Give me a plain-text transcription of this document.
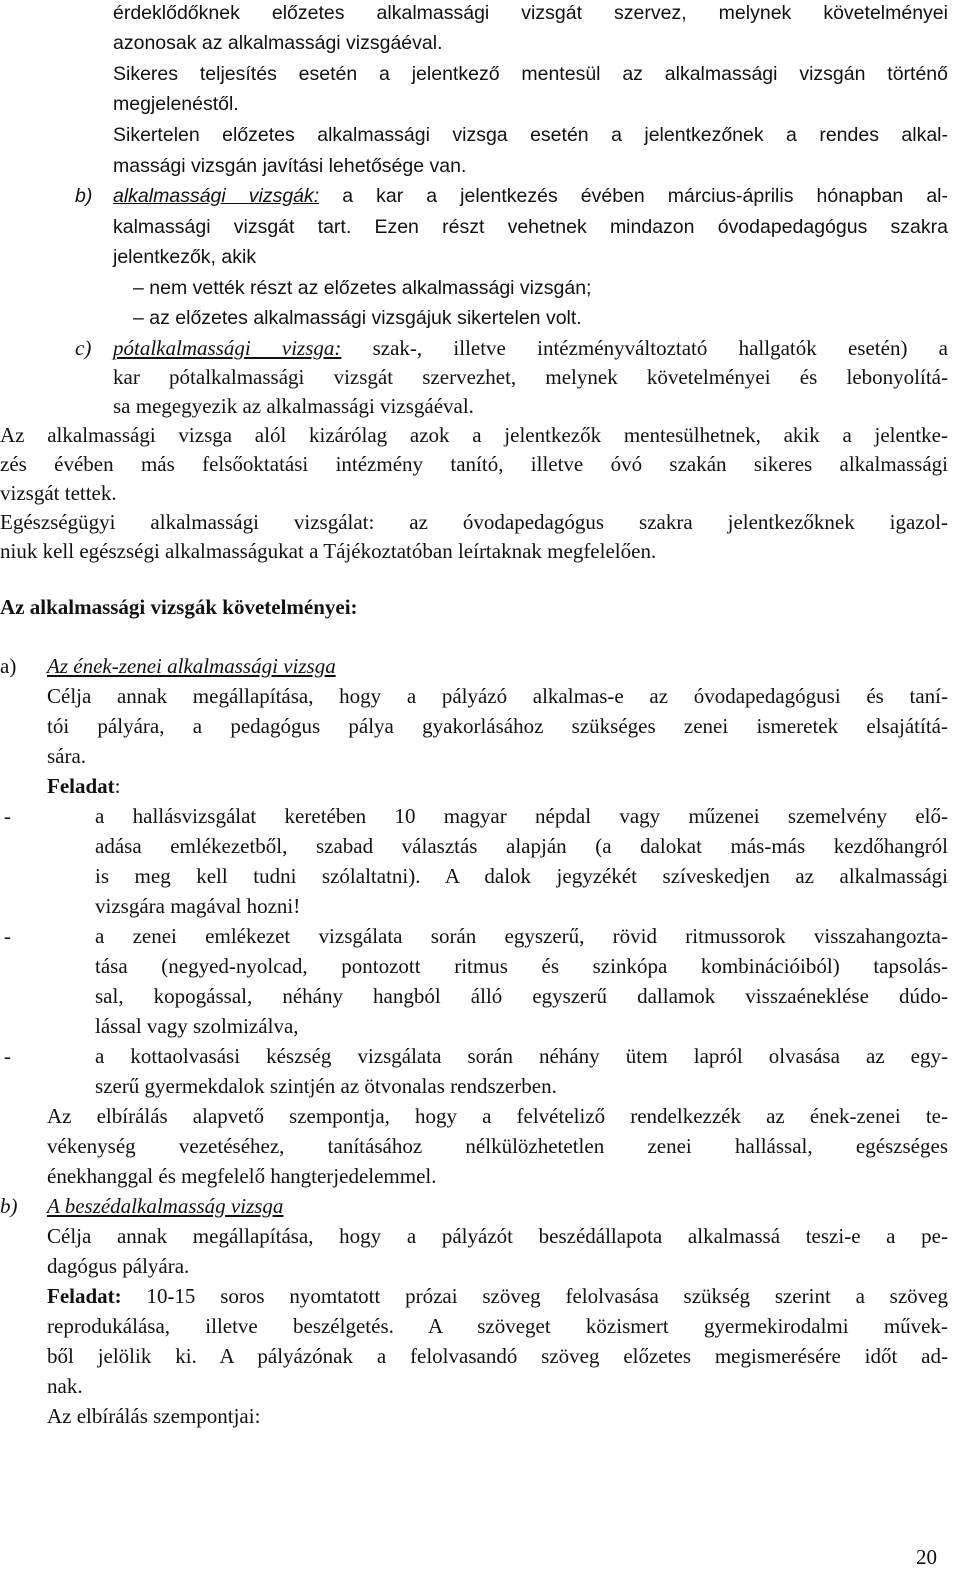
érdeklődőknek előzetes alkalmassági vizsgát szervez, melynek követelményei
azonosak az alkalmassági vizsgáéval.
Sikeres teljesítés esetén a jelentkező mentesül az alkalmassági vizsgán történő
megjelenéstől.
Sikertelen előzetes alkalmassági vizsga esetén a jelentkezőnek a rendes alkal-
massági vizsgán javítási lehetősége van.
b) alkalmassági vizsgák: a kar a jelentkezés évében március-április hónapban al-
kalmassági vizsgát tart. Ezen részt vehetnek mindazon óvodapedagógus szakra
jelentkezők, akik
– nem vették részt az előzetes alkalmassági vizsgán;
– az előzetes alkalmassági vizsgájuk sikertelen volt.
c) pótalkalmassági vizsga: szak-, illetve intézményváltoztató hallgatók esetén) a
kar pótalkalmassági vizsgát szervezhet, melynek követelményei és lebonyolítá-
sa megegyezik az alkalmassági vizsgáéval.
Az alkalmassági vizsga alól kizárólag azok a jelentkezők mentesülhetnek, akik a jelentke-
zés évében más felsőoktatási intézmény tanító, illetve óvó szakán sikeres alkalmassági
vizsgát tettek.
Egészségügyi alkalmassági vizsgálat: az óvodapedagógus szakra jelentkezőknek igazol-
niuk kell egészségi alkalmasságukat a Tájékoztatóban leírtaknak megfelelően.
Az alkalmassági vizsgák követelményei:
a) Az ének-zenei alkalmassági vizsga
Célja annak megállapítása, hogy a pályázó alkalmas-e az óvodapedagógusi és taní-
tói pályára, a pedagógus pálya gyakorlásához szükséges zenei ismeretek elsajátítá-
sára.
Feladat:
-	a hallásvizsgálat keretében 10 magyar népdal vagy műzenei szemelvény elő-
adása emlékezetből, szabad választás alapján (a dalokat más-más kezdőhangról
is meg kell tudni szólaltatni). A dalok jegyzékét szíveskedjen az alkalmassági
vizsgára magával hozni!
-	a zenei emlékezet vizsgálata során egyszerű, rövid ritmussorok visszahangozta-
tása (negyed-nyolcad, pontozott ritmus és szinkópa kombinációiból) tapsolás-
sal, kopogással, néhány hangból álló egyszerű dallamok visszaéneklése dúdo-
lással vagy szolmizálva,
-	a kottaolvasási készség vizsgálata során néhány ütem lapról olvasása az egy-
szerű gyermekdalok szintjén az ötvonalas rendszerben.
Az elbírálás alapvető szempontja, hogy a felvételiző rendelkezzék az ének-zenei te-
vékenység vezetéséhez, tanításához nélkülözhetetlen zenei hallással, egészséges
énekhanggal és megfelelő hangterjedelemmel.
b) A beszédalkalmasság vizsga
Célja annak megállapítása, hogy a pályázót beszédállapota alkalmassá teszi-e a pe-
dagógus pályára.
Feladat: 10-15 soros nyomtatott prózai szöveg felolvasása szükség szerint a szöveg
reprodukálása, illetve beszélgetés. A szöveget közismert gyermekirodalmi művek-
ből jelölik ki. A pályázónak a felolvasandó szöveg előzetes megismerésére időt ad-
nak.
Az elbírálás szempontjai:
20
